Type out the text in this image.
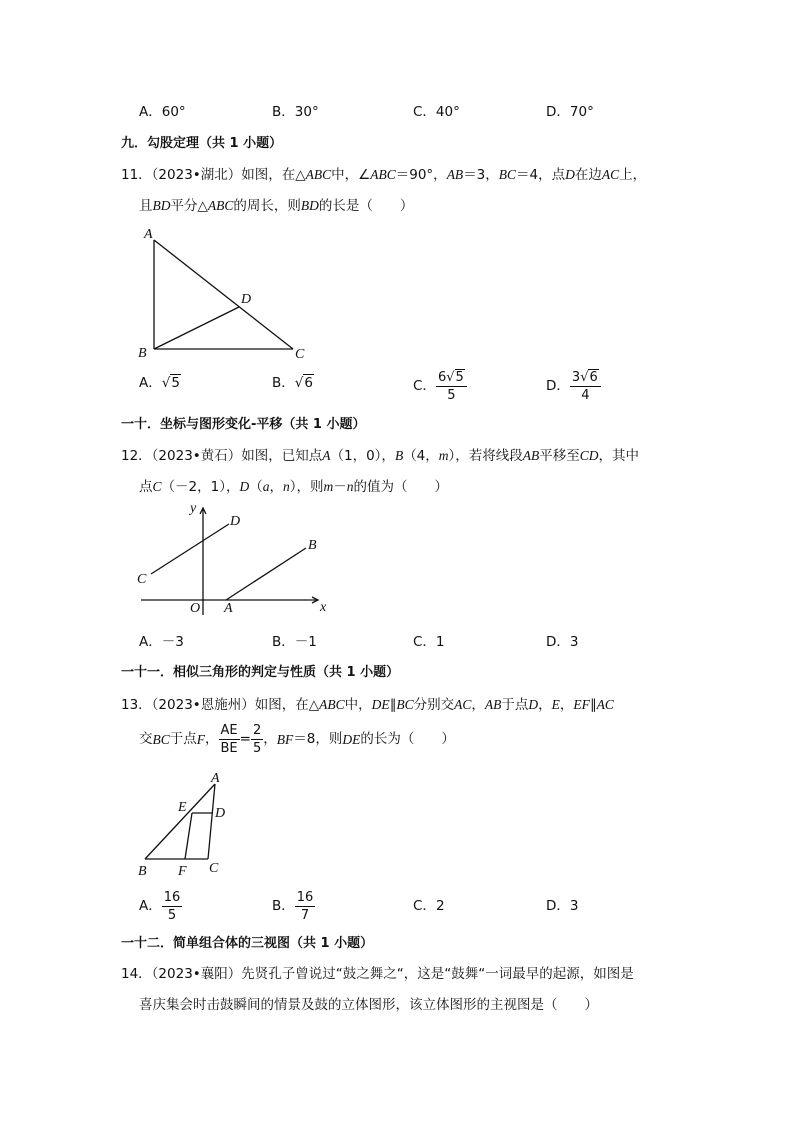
A．60°	B．30°	C．40°	D．70°
九．勾股定理（共 1 小题）
11．（2023•湖北）如图，在△ABC中，∠ABC＝90°，AB＝3，BC＝4，点D在边AC上，
且BD平分△ABC的周长，则BD的长是（　　）
A
B	C
D
A．√5	B．√6	C． $\frac{6√5}{5}$	D． $\frac{3√6}{4}$
一十．坐标与图形变化-平移（共 1 小题）
12．（2023•黄石）如图，已知点A（1，0），B（4，m），若将线段AB平移至CD，其中
点C（－2，1），D（a，n），则m－n的值为（　　）
y
x
O A
B
C
D
A．－3	B．－1	C．1	D．3
一十一．相似三角形的判定与性质（共 1 小题）
13．（2023•恩施州）如图，在△ABC中，DE∥BC分别交AC，AB于点D，E，EF∥AC
交BC于点F， $\frac{AE}{BE} = \frac{2}{5}$ ，BF＝8，则DE的长为（　　）
A
B	C
D
E
F
A． $\frac{16}{5}$	B． $\frac{16}{7}$	C．2	D．3
一十二．简单组合体的三视图（共 1 小题）
14．（2023•襄阳）先贤孔子曾说过“鼓之舞之“，这是“鼓舞“一词最早的起源，如图是
喜庆集会时击鼓瞬间的情景及鼓的立体图形，该立体图形的主视图是（　　）
